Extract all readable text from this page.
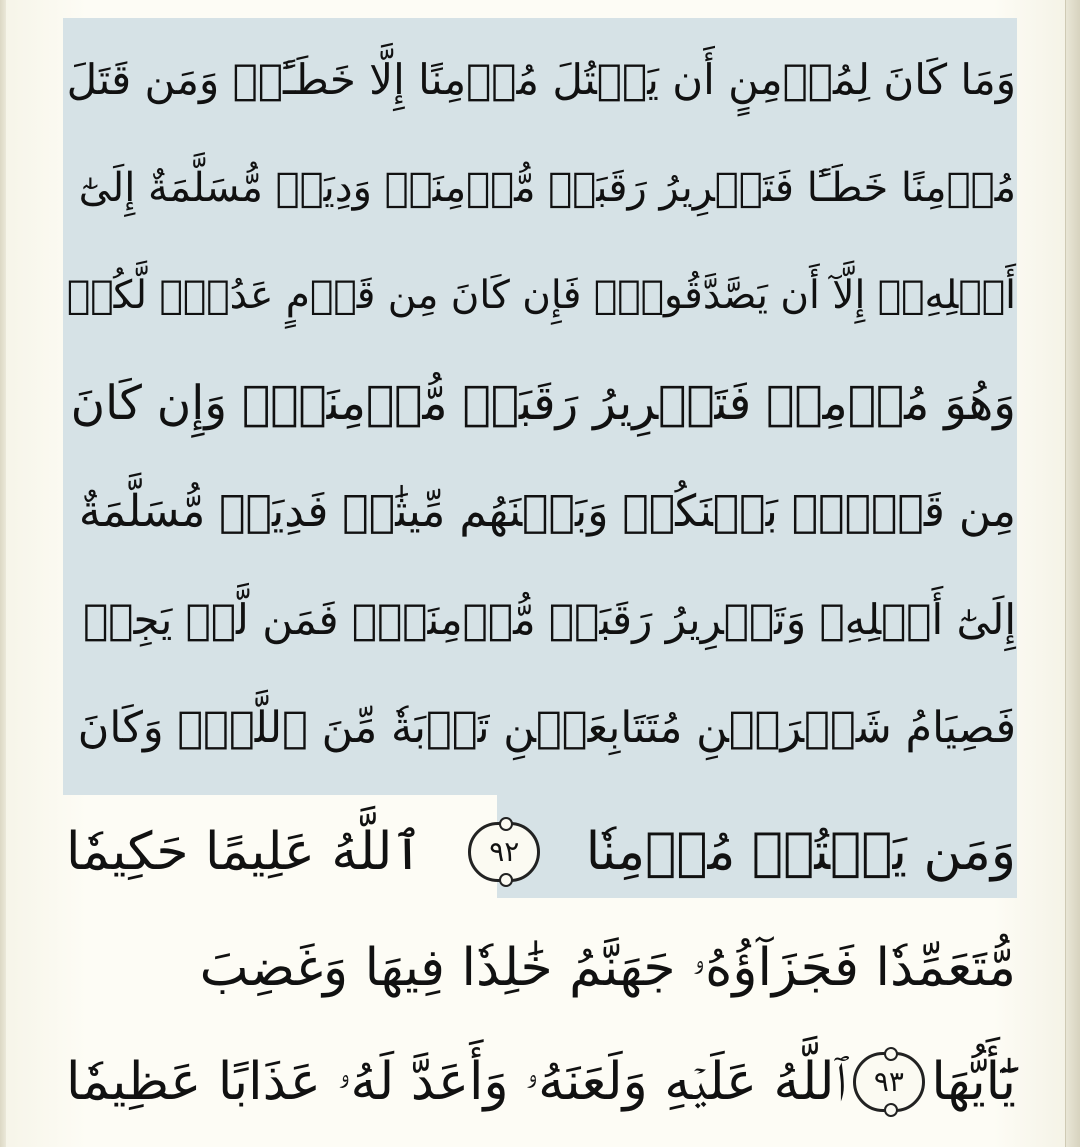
وَمَا كَانَ لِمُؤۡمِنٍ أَن يَقۡتُلَ مُؤۡمِنًا إِلَّا خَطَـًٔاۚ وَمَن قَتَلَ
مُؤۡمِنًا خَطَـًٔا فَتَحۡرِيرُ رَقَبَةٖ مُّؤۡمِنَةٖ وَدِيَةٞ مُّسَلَّمَةٌ إِلَىٰٓ
أَهۡلِهِۦٓ إِلَّآ أَن يَصَّدَّقُواْۚ فَإِن كَانَ مِن قَوۡمٍ عَدُوّٖ لَّكُمۡ
وَهُوَ مُؤۡمِنٞ فَتَحۡرِيرُ رَقَبَةٖ مُّؤۡمِنَةٖۖ وَإِن كَانَ
مِن قَوۡمِۭ بَيۡنَكُمۡ وَبَيۡنَهُم مِّيثَٰقٞ فَدِيَةٞ مُّسَلَّمَةٌ
إِلَىٰٓ أَهۡلِهِۦ وَتَحۡرِيرُ رَقَبَةٖ مُّؤۡمِنَةٖۖ فَمَن لَّمۡ يَجِدۡ
فَصِيَامُ شَهۡرَيۡنِ مُتَتَابِعَيۡنِ تَوۡبَةٗ مِّنَ ٱللَّهِۗ وَكَانَ
وَمَن يَقۡتُلۡ مُؤۡمِنٗا
٩٢
ٱللَّهُ عَلِيمًا حَكِيمٗا
مُّتَعَمِّدٗا فَجَزَآؤُهُۥ جَهَنَّمُ خَٰلِدٗا فِيهَا وَغَضِبَ
يَٰٓأَيُّهَا
٩٣
ٱللَّهُ عَلَيۡهِ وَلَعَنَهُۥ وَأَعَدَّ لَهُۥ عَذَابًا عَظِيمٗا
